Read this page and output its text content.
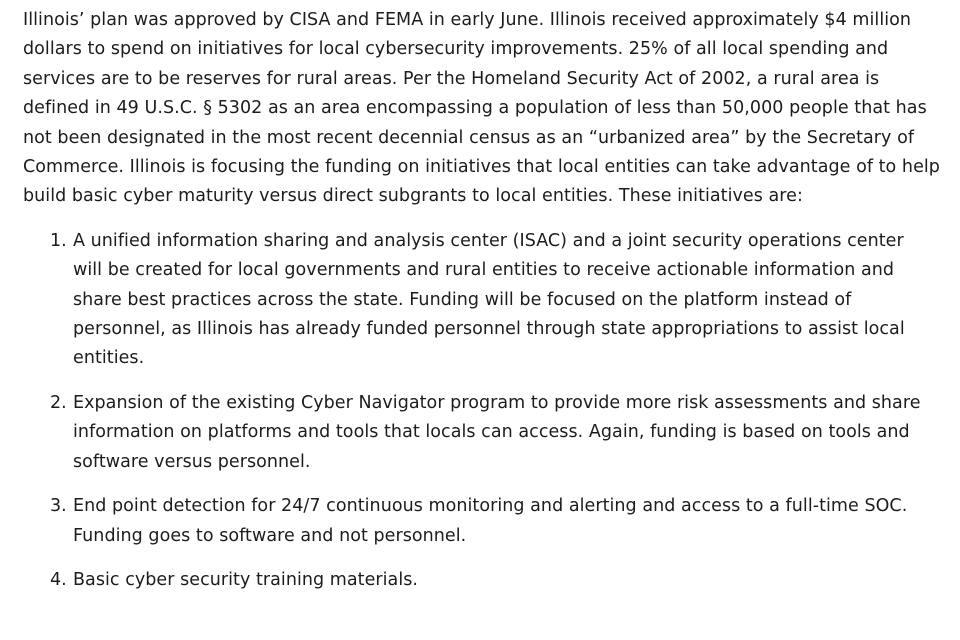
Illinois’ plan was approved by CISA and FEMA in early June. Illinois received approximately $4 million dollars to spend on initiatives for local cybersecurity improvements. 25% of all local spending and services are to be reserves for rural areas. Per the Homeland Security Act of 2002, a rural area is defined in 49 U.S.C. § 5302 as an area encompassing a population of less than 50,000 people that has not been designated in the most recent decennial census as an “urbanized area” by the Secretary of Commerce. Illinois is focusing the funding on initiatives that local entities can take advantage of to help build basic cyber maturity versus direct subgrants to local entities. These initiatives are:

1. A unified information sharing and analysis center (ISAC) and a joint security operations center will be created for local governments and rural entities to receive actionable information and share best practices across the state. Funding will be focused on the platform instead of personnel, as Illinois has already funded personnel through state appropriations to assist local entities.
2. Expansion of the existing Cyber Navigator program to provide more risk assessments and share information on platforms and tools that locals can access. Again, funding is based on tools and software versus personnel.
3. End point detection for 24/7 continuous monitoring and alerting and access to a full-time SOC. Funding goes to software and not personnel.
4. Basic cyber security training materials.
